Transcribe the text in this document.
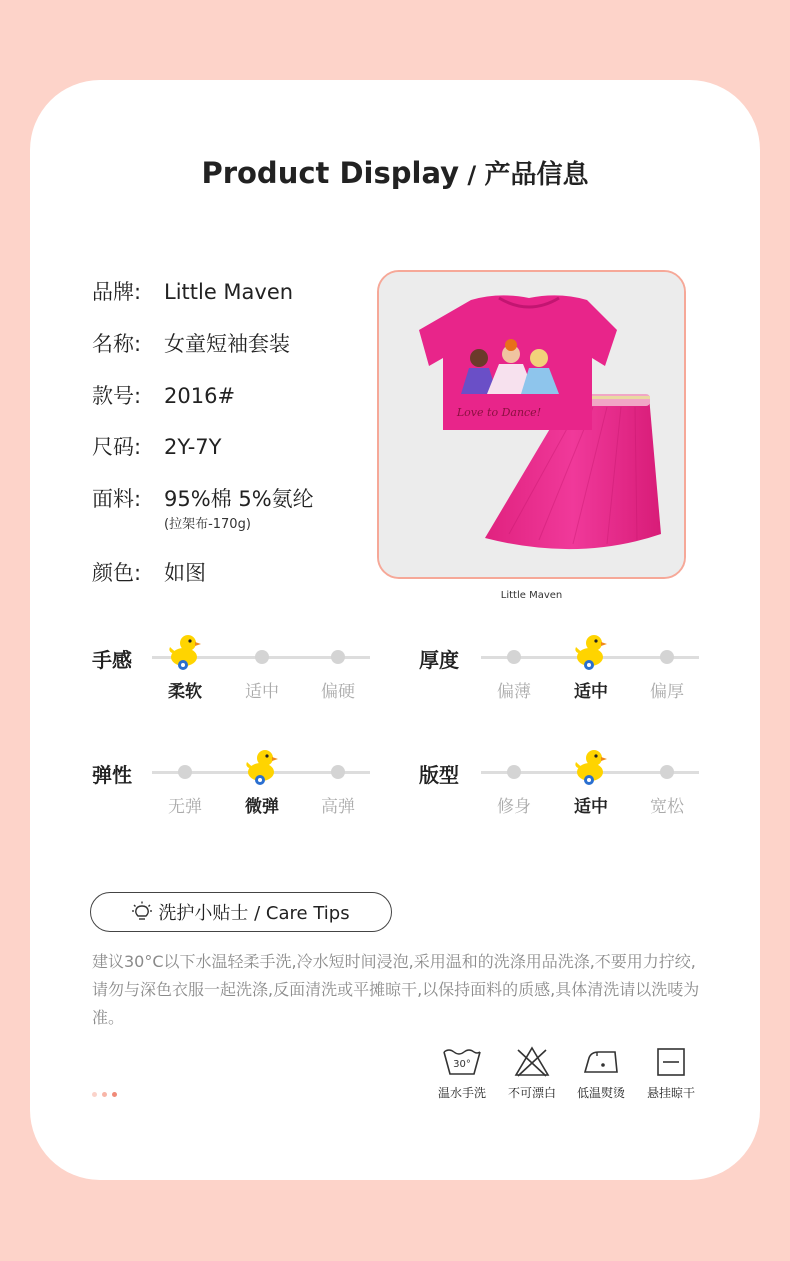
Product Display / 产品信息
品牌: Little Maven
名称: 女童短袖套装
款号: 2016#
尺码: 2Y-7Y
面料: 95%棉 5%氨纶
(拉架布-170g)
颜色: 如图
Love to Dance!
Little Maven
手感
柔软	适中	偏硬
厚度
偏薄	适中	偏厚
弹性
无弹	微弹	高弹
版型
修身	适中	宽松
洗护小贴士 / Care Tips
建议30°C以下水温轻柔手洗,冷水短时间浸泡,采用温和的洗涤用品洗涤,不要用力拧绞,请勿与深色衣服一起洗涤,反面清洗或平摊晾干,以保持面料的质感,具体清洗请以洗唛为准。
30°
温水手洗	不可漂白	低温熨烫	悬挂晾干
